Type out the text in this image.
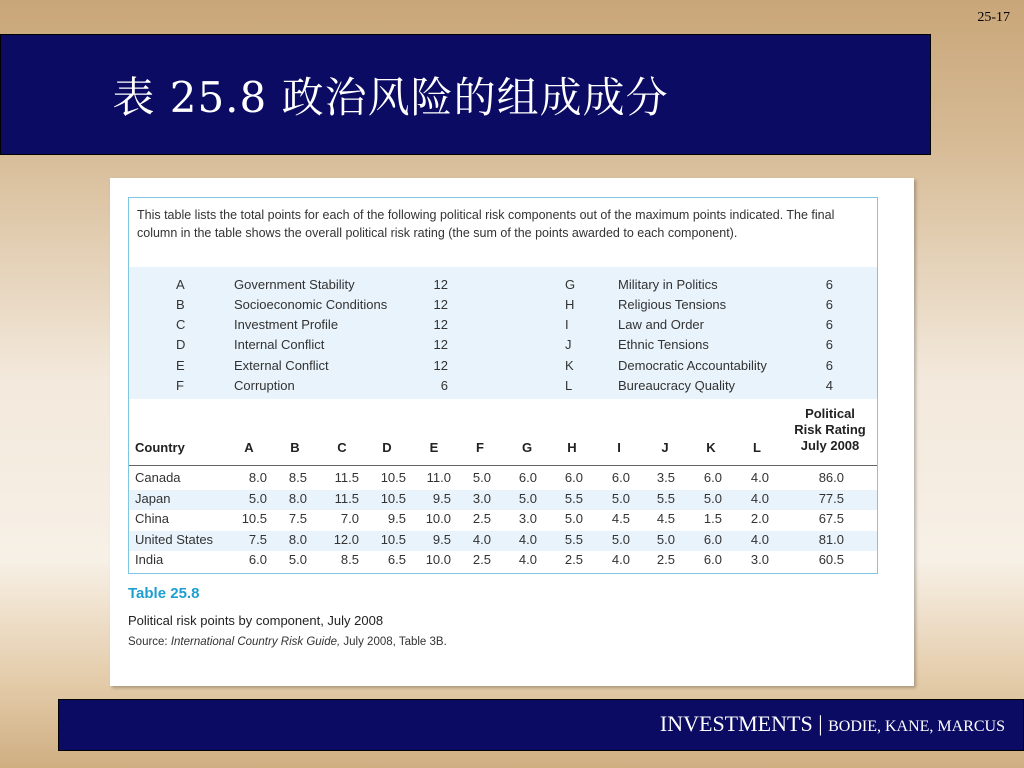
25-17
表 25.8 政治风险的组成成分
This table lists the total points for each of the following political risk components out of the maximum points indicated. The final column in the table shows the overall political risk rating (the sum of the points awarded to each component).
A	Government Stability	12	G	Military in Politics	6
B	Socioeconomic Conditions	12	H	Religious Tensions	6
C	Investment Profile	12	I	Law and Order	6
D	Internal Conflict	12	J	Ethnic Tensions	6
E	External Conflict	12	K	Democratic Accountability	6
F	Corruption	6	L	Bureaucracy Quality	4
Country
Political
Risk Rating
July 2008
A	B	C	D	E	F	G	H	I	J	K	L
Canada	8.0 8.5 11.5 10.5 11.0 5.0 6.0 6.0 6.0 3.5 6.0 4.0	86.0
Japan	5.0 8.0 11.5 10.5 9.5 3.0 5.0 5.5 5.0 5.5 5.0 4.0	77.5
China	10.5 7.5	7.0 9.5 10.0 2.5 3.0 5.0 4.5 4.5 1.5 2.0	67.5
United States	7.5 8.0 12.0 10.5 9.5 4.0 4.0 5.5 5.0 5.0 6.0 4.0	81.0
India	6.0 5.0	8.5 6.5 10.0 2.5 4.0 2.5 4.0 2.5 6.0 3.0	60.5
Table 25.8
Political risk points by component, July 2008
Source: International Country Risk Guide, July 2008, Table 3B.
INVESTMENTS | BODIE, KANE, MARCUS
